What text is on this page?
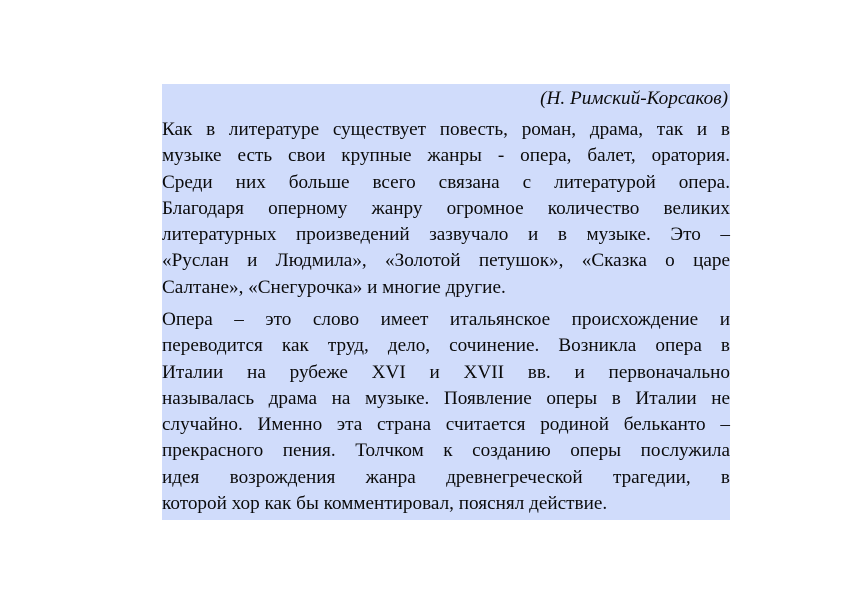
(Н. Римский-Корсаков)
Как в литературе существует повесть, роман, драма, так и в
музыке есть свои крупные жанры - опера, балет, оратория.
Среди них больше всего связана с литературой опера.
Благодаря оперному жанру огромное количество великих
литературных произведений зазвучало и в музыке. Это –
«Руслан и Людмила», «Золотой петушок», «Сказка о царе
Салтане», «Снегурочка» и многие другие.
Опера – это слово имеет итальянское происхождение и
переводится как труд, дело, сочинение. Возникла опера в
Италии на рубеже XVI и XVII вв. и первоначально
называлась драма на музыке. Появление оперы в Италии не
случайно. Именно эта страна считается родиной бельканто –
прекрасного пения. Толчком к созданию оперы послужила
идея возрождения жанра древнегреческой трагедии, в
которой хор как бы комментировал, пояснял действие.
